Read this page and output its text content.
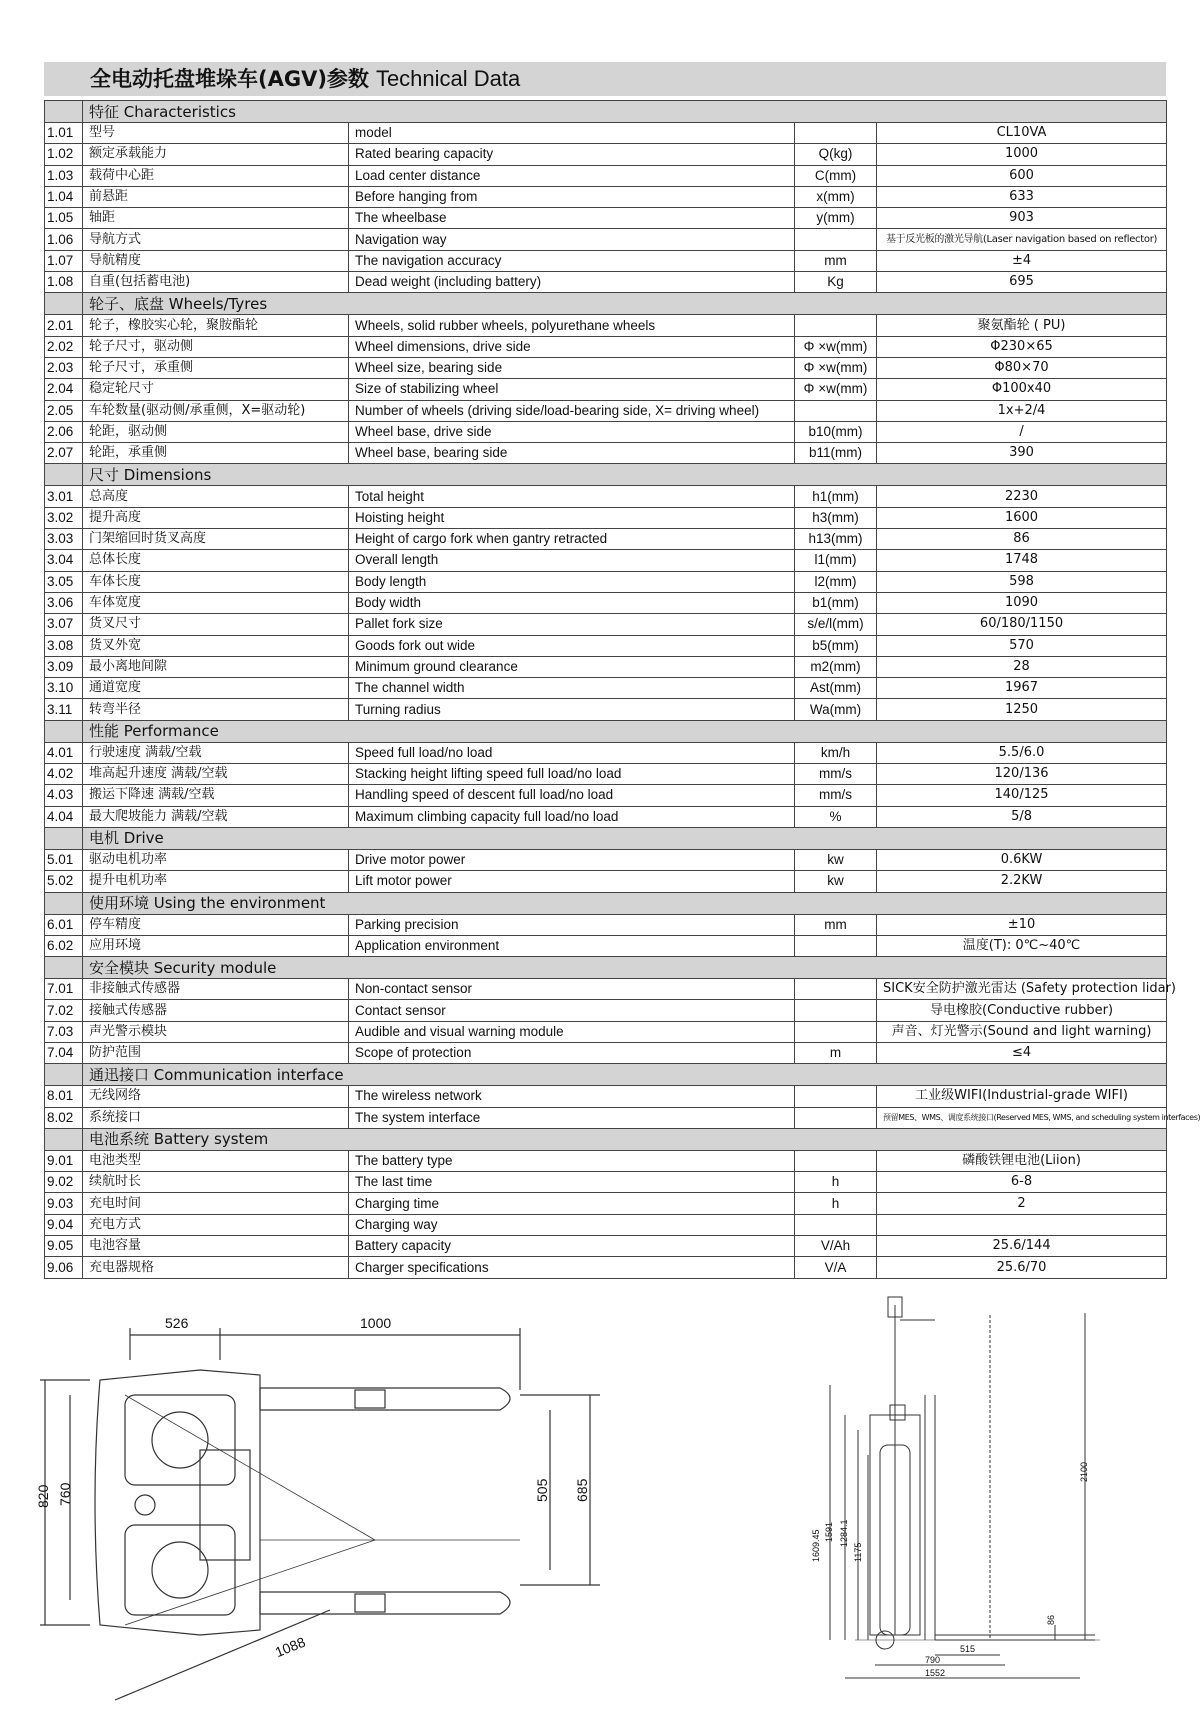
全电动托盘堆垛车(AGV)参数 Technical Data
	特征 Characteristics			
1.01	型号	model		CL10VA
1.02	额定承载能力	Rated bearing capacity	Q(kg)	1000
1.03	载荷中心距	Load center distance	C(mm)	600
1.04	前悬距	Before hanging from	x(mm)	633
1.05	轴距	The wheelbase	y(mm)	903
1.06	导航方式	Navigation way		基于反光板的激光导航(Laser navigation based on reflector)
1.07	导航精度	The navigation accuracy	mm	±4
1.08	自重(包括蓄电池)	Dead weight (including battery)	Kg	695
	轮子、底盘 Wheels/Tyres			
2.01	轮子，橡胶实心轮，聚胺酯轮	Wheels, solid rubber wheels, polyurethane wheels		聚氨酯轮 ( PU)
2.02	轮子尺寸，驱动侧	Wheel dimensions, drive side	Φ ×w(mm)	Φ230×65
2.03	轮子尺寸，承重侧	Wheel size, bearing side	Φ ×w(mm)	Φ80×70
2.04	稳定轮尺寸	Size of stabilizing wheel	Φ ×w(mm)	Φ100x40
2.05	车轮数量(驱动侧/承重侧，X=驱动轮)	Number of wheels (driving side/load-bearing side, X= driving wheel)		1x+2/4
2.06	轮距，驱动侧	Wheel base, drive side	b10(mm)	/
2.07	轮距，承重侧	Wheel base, bearing side	b11(mm)	390
	尺寸 Dimensions			
3.01	总高度	Total height	h1(mm)	2230
3.02	提升高度	Hoisting height	h3(mm)	1600
3.03	门架缩回时货叉高度	Height of cargo fork when gantry retracted	h13(mm)	86
3.04	总体长度	Overall length	l1(mm)	1748
3.05	车体长度	Body length	l2(mm)	598
3.06	车体宽度	Body width	b1(mm)	1090
3.07	货叉尺寸	Pallet fork size	s/e/l(mm)	60/180/1150
3.08	货叉外宽	Goods fork out wide	b5(mm)	570
3.09	最小离地间隙	Minimum ground clearance	m2(mm)	28
3.10	通道宽度	The channel width	Ast(mm)	1967
3.11	转弯半径	Turning radius	Wa(mm)	1250
	性能 Performance			
4.01	行驶速度 满载/空载	Speed full load/no load	km/h	5.5/6.0
4.02	堆高起升速度 满载/空载	Stacking height lifting speed full load/no load	mm/s	120/136
4.03	搬运下降速 满载/空载	Handling speed of descent full load/no load	mm/s	140/125
4.04	最大爬坡能力 满载/空载	Maximum climbing capacity full load/no load	%	5/8
	电机 Drive			
5.01	驱动电机功率	Drive motor power	kw	0.6KW
5.02	提升电机功率	Lift motor power	kw	2.2KW
	使用环境 Using the environment			
6.01	停车精度	Parking precision	mm	±10
6.02	应用环境	Application environment		温度(T): 0℃~40℃
	安全模块 Security module			
7.01	非接触式传感器	Non-contact sensor		SICK安全防护激光雷达 (Safety protection lidar)
7.02	接触式传感器	Contact sensor		导电橡胶(Conductive rubber)
7.03	声光警示模块	Audible and visual warning module		声音、灯光警示(Sound and light warning)
7.04	防护范围	Scope of protection	m	≤4
	通迅接口 Communication interface			
8.01	无线网络	The wireless network		工业级WIFI(Industrial-grade WIFI)
8.02	系统接口	The system interface		预留MES、WMS、调度系统接口(Reserved MES, WMS, and scheduling system interfaces)
	电池系统 Battery system			
9.01	电池类型	The battery type		磷酸铁锂电池(Liion)
9.02	续航时长	The last time	h	6-8
9.03	充电时间	Charging time	h	2
9.04	充电方式	Charging way		
9.05	电池容量	Battery capacity	V/Ah	25.6/144
9.06	充电器规格	Charger specifications	V/A	25.6/70
526	1000
820 760	505 685
1088
2100
1591
1609.45 1284.1
1175
86
515
790
1552
